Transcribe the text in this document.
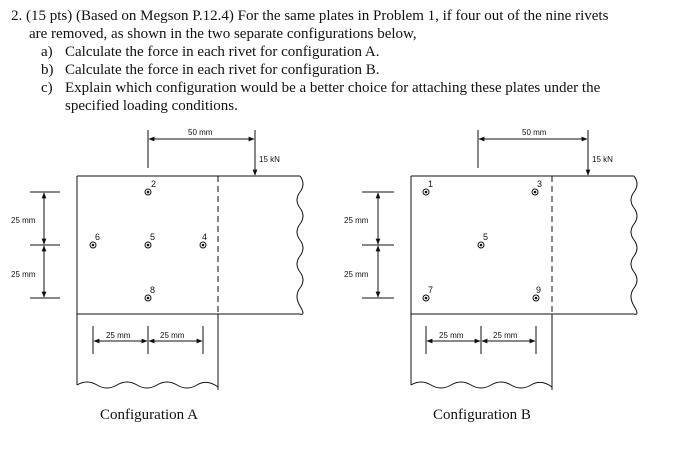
2. (15 pts) (Based on Megson P.12.4) For the same plates in Problem 1, if four out of the nine rivets
are removed, as shown in the two separate configurations below,
a) Calculate the force in each rivet for configuration A.
b) Calculate the force in each rivet for configuration B.
c) Explain which configuration would be a better choice for attaching these plates under the
specified loading conditions.
50 mm
15 kN
25 mm
25 mm
25 mm	25 mm
2
6	5	4
8
Configuration A
50 mm
15 kN
25 mm
25 mm
25 mm	25 mm
1	3
5
7	9
Configuration B
